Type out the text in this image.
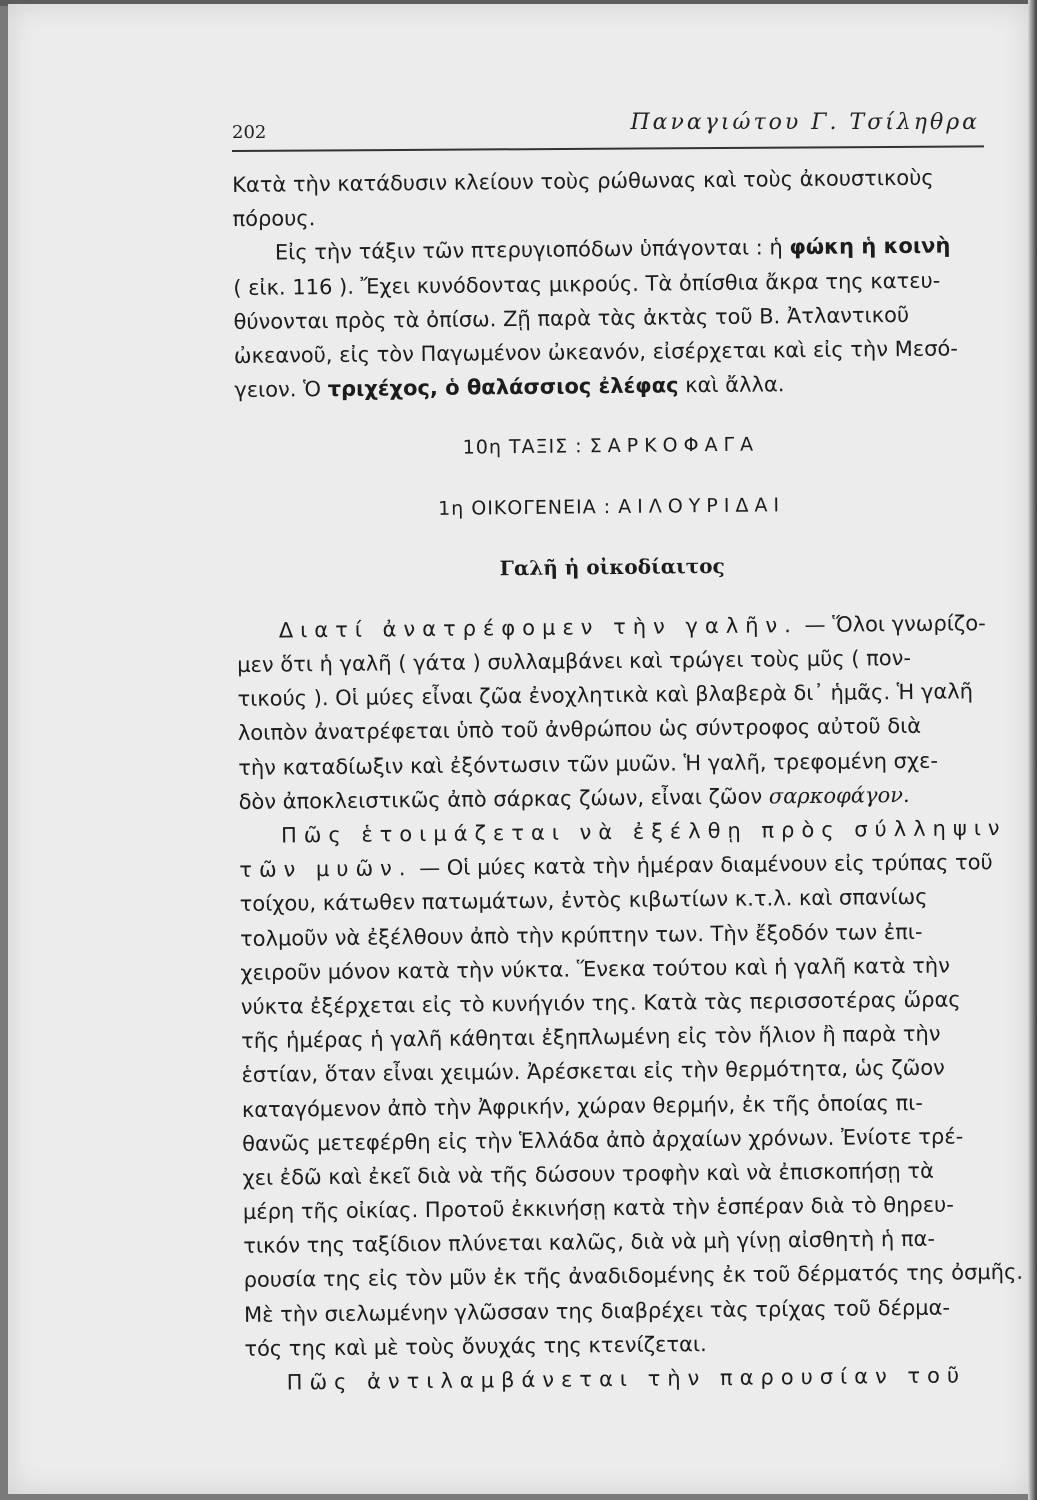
202	Παναγιώτου Γ. Τσίληθρα
Κατὰ τὴν κατάδυσιν κλείουν τοὺς ρώθωνας καὶ τοὺς ἀκουστικοὺς
πόρους.
Εἰς τὴν τάξιν τῶν πτερυγιοπόδων ὑπάγονται : ἡ φώκη ἡ κοινὴ
( εἰκ. 116 ). Ἔχει κυνόδοντας μικρούς. Τὰ ὀπίσθια ἄκρα της κατευ-
θύνονται πρὸς τὰ ὀπίσω. Ζῇ παρὰ τὰς ἀκτὰς τοῦ Β. Ἀτλαντικοῦ
ὠκεανοῦ, εἰς τὸν Παγωμένον ὠκεανόν, εἰσέρχεται καὶ εἰς τὴν Μεσό-
γειον. Ὁ τριχέχος, ὁ θαλάσσιος ἐλέφας καὶ ἄλλα.
10η ΤΑΞΙΣ : ΣΑΡΚΟΦΑΓΑ
1η ΟΙΚΟΓΕΝΕΙΑ : ΑΙΛΟΥΡΙΔΑΙ
Γαλῆ ἡ οἰκοδίαιτος
Διατί ἀνατρέφομεν τὴν γαλῆν. — Ὅλοι γνωρίζο-
μεν ὅτι ἡ γαλῆ ( γάτα ) συλλαμβάνει καὶ τρώγει τοὺς μῦς ( πον-
τικούς ). Οἱ μύες εἶναι ζῶα ἐνοχλητικὰ καὶ βλαβερὰ δι᾿ ἡμᾶς. Ἡ γαλῆ
λοιπὸν ἀνατρέφεται ὑπὸ τοῦ ἀνθρώπου ὡς σύντροφος αὐτοῦ διὰ
τὴν καταδίωξιν καὶ ἐξόντωσιν τῶν μυῶν. Ἡ γαλῆ, τρεφομένη σχε-
δὸν ἀποκλειστικῶς ἀπὸ σάρκας ζώων, εἶναι ζῶον σαρκοφάγον.
Πῶς ἑτοιμάζεται νὰ ἐξέλθῃ πρὸς σύλληψιν
τῶν μυῶν. — Οἱ μύες κατὰ τὴν ἡμέραν διαμένουν εἰς τρύπας τοῦ
τοίχου, κάτωθεν πατωμάτων, ἐντὸς κιβωτίων κ.τ.λ. καὶ σπανίως
τολμοῦν νὰ ἐξέλθουν ἀπὸ τὴν κρύπτην των. Τὴν ἔξοδόν των ἐπι-
χειροῦν μόνον κατὰ τὴν νύκτα. Ἕνεκα τούτου καὶ ἡ γαλῆ κατὰ τὴν
νύκτα ἐξέρχεται εἰς τὸ κυνήγιόν της. Κατὰ τὰς περισσοτέρας ὥρας
τῆς ἡμέρας ἡ γαλῆ κάθηται ἐξηπλωμένη εἰς τὸν ἥλιον ἢ παρὰ τὴν
ἑστίαν, ὅταν εἶναι χειμών. Ἀρέσκεται εἰς τὴν θερμότητα, ὡς ζῶον
καταγόμενον ἀπὸ τὴν Ἀφρικήν, χώραν θερμήν, ἐκ τῆς ὁποίας πι-
θανῶς μετεφέρθη εἰς τὴν Ἑλλάδα ἀπὸ ἀρχαίων χρόνων. Ἐνίοτε τρέ-
χει ἐδῶ καὶ ἐκεῖ διὰ νὰ τῆς δώσουν τροφὴν καὶ νὰ ἐπισκοπήσῃ τὰ
μέρη τῆς οἰκίας. Προτοῦ ἐκκινήσῃ κατὰ τὴν ἑσπέραν διὰ τὸ θηρευ-
τικόν της ταξίδιον πλύνεται καλῶς, διὰ νὰ μὴ γίνῃ αἰσθητὴ ἡ πα-
ρουσία της εἰς τὸν μῦν ἐκ τῆς ἀναδιδομένης ἐκ τοῦ δέρματός της ὀσμῆς.
Μὲ τὴν σιελωμένην γλῶσσαν της διαβρέχει τὰς τρίχας τοῦ δέρμα-
τός της καὶ μὲ τοὺς ὄνυχάς της κτενίζεται.
Πῶς ἀντιλαμβάνεται τὴν παρουσίαν τοῦ
